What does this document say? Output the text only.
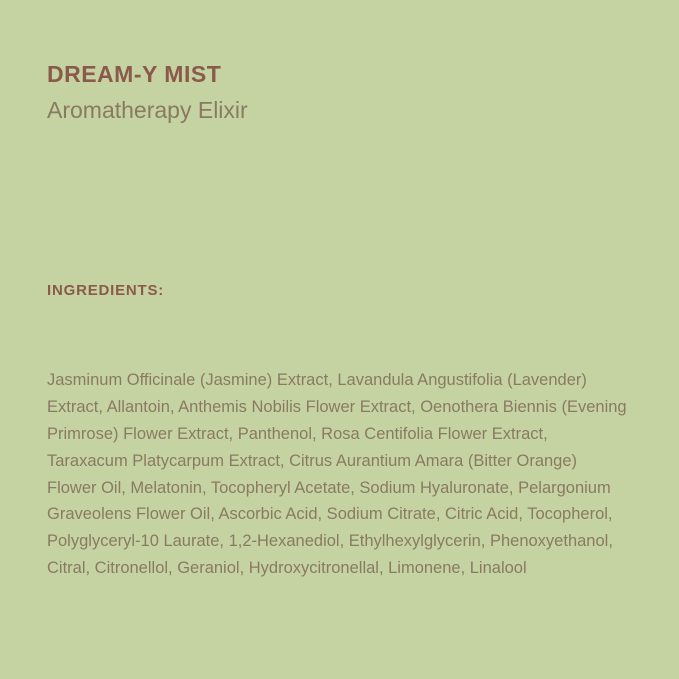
DREAM-Y MIST
Aromatherapy Elixir
INGREDIENTS:

Jasminum Officinale (Jasmine) Extract, Lavandula Angustifolia (Lavender) Extract, Allantoin, Anthemis Nobilis Flower Extract, Oenothera Biennis (Evening Primrose) Flower Extract, Panthenol, Rosa Centifolia Flower Extract, Taraxacum Platycarpum Extract, Citrus Aurantium Amara (Bitter Orange) Flower Oil, Melatonin, Tocopheryl Acetate, Sodium Hyaluronate, Pelargonium Graveolens Flower Oil, Ascorbic Acid, Sodium Citrate, Citric Acid, Tocopherol, Polyglyceryl-10 Laurate, 1,2-Hexanediol, Ethylhexylglycerin, Phenoxyethanol, Citral, Citronellol, Geraniol, Hydroxycitronellal, Limonene, Linalool
